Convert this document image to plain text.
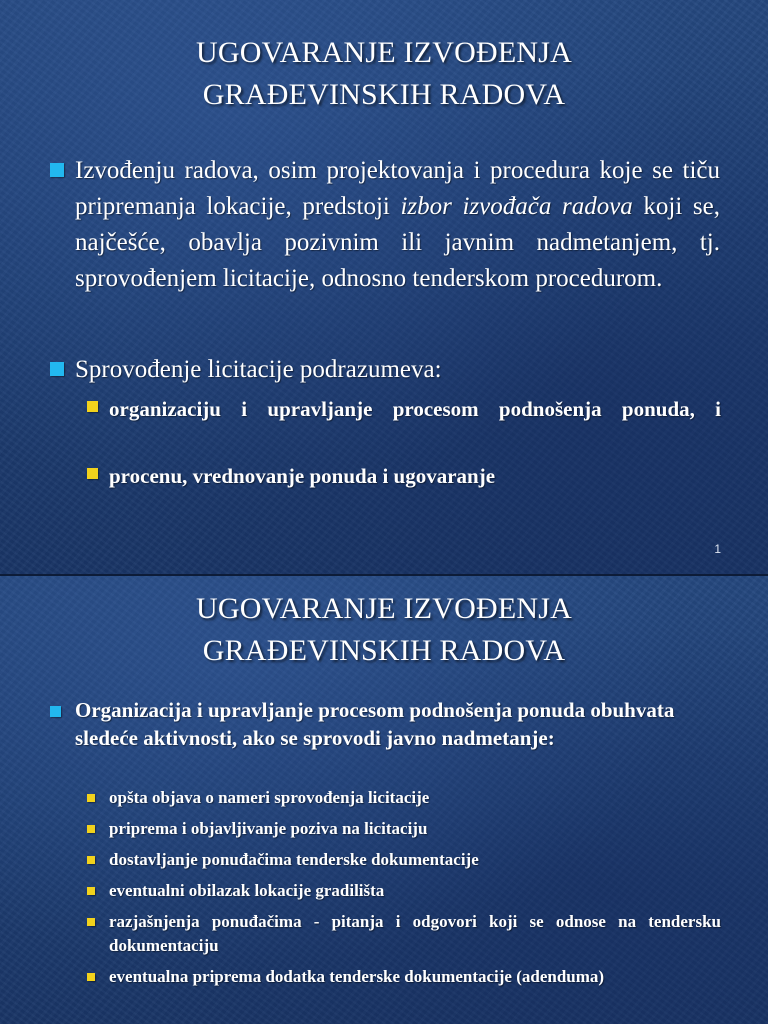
UGOVARANJE IZVOĐENJA
GRAĐEVINSKIH RADOVA
Izvođenju radova, osim projektovanja i procedura koje se tiču pripremanja lokacije, predstoji izbor izvođača radova koji se, najčešće, obavlja pozivnim ili javnim nadmetanjem, tj. sprovođenjem licitacije, odnosno tenderskom procedurom.
Sprovođenje licitacije podrazumeva:
organizaciju i upravljanje procesom podnošenja ponuda, i
procenu, vrednovanje ponuda i ugovaranje
1
UGOVARANJE IZVOĐENJA
GRAĐEVINSKIH RADOVA
Organizacija i upravljanje procesom podnošenja ponuda obuhvata sledeće aktivnosti, ako se sprovodi javno nadmetanje:
opšta objava o nameri sprovođenja licitacije
priprema i objavljivanje poziva na licitaciju
dostavljanje ponuđačima tenderske dokumentacije
eventualni obilazak lokacije gradilišta
razjašnjenja ponuđačima - pitanja i odgovori koji se odnose na tendersku dokumentaciju
eventualna priprema dodatka tenderske dokumentacije (adenduma)
